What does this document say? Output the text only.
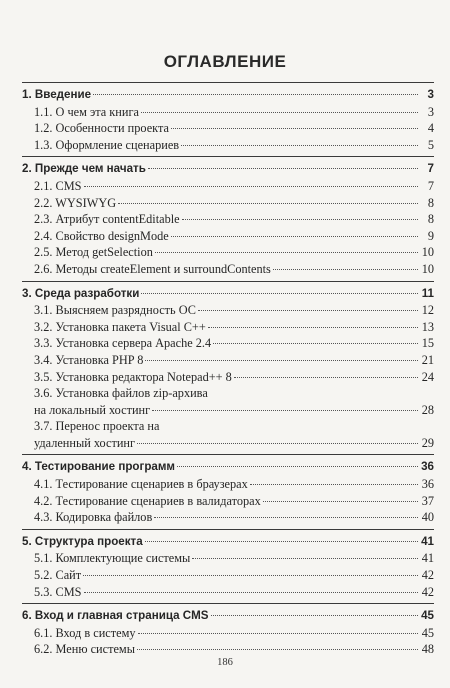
ОГЛАВЛЕНИЕ
1. Введение	3
1.1. О чем эта книга	3
1.2. Особенности проекта	4
1.3. Оформление сценариев	5
2. Прежде чем начать	7
2.1. CMS	7
2.2. WYSIWYG	8
2.3. Атрибут contentEditable	8
2.4. Свойство designMode	9
2.5. Метод getSelection	10
2.6. Методы createElement и surroundContents	10
3. Среда разработки	11
3.1. Выясняем разрядность ОС	12
3.2. Установка пакета Visual C++	13
3.3. Установка сервера Apache 2.4	15
3.4. Установка PHP 8	21
3.5. Установка редактора Notepad++ 8	24
3.6. Установка файлов zip-архива
на локальный хостинг	28
3.7. Перенос проекта на
удаленный хостинг	29
4. Тестирование программ	36
4.1. Тестирование сценариев в браузерах	36
4.2. Тестирование сценариев в валидаторах	37
4.3. Кодировка файлов	40
5. Структура проекта	41
5.1. Комплектующие системы	41
5.2. Сайт	42
5.3. CMS	42
6. Вход и главная страница CMS	45
6.1. Вход в систему	45
6.2. Меню системы	48
186
